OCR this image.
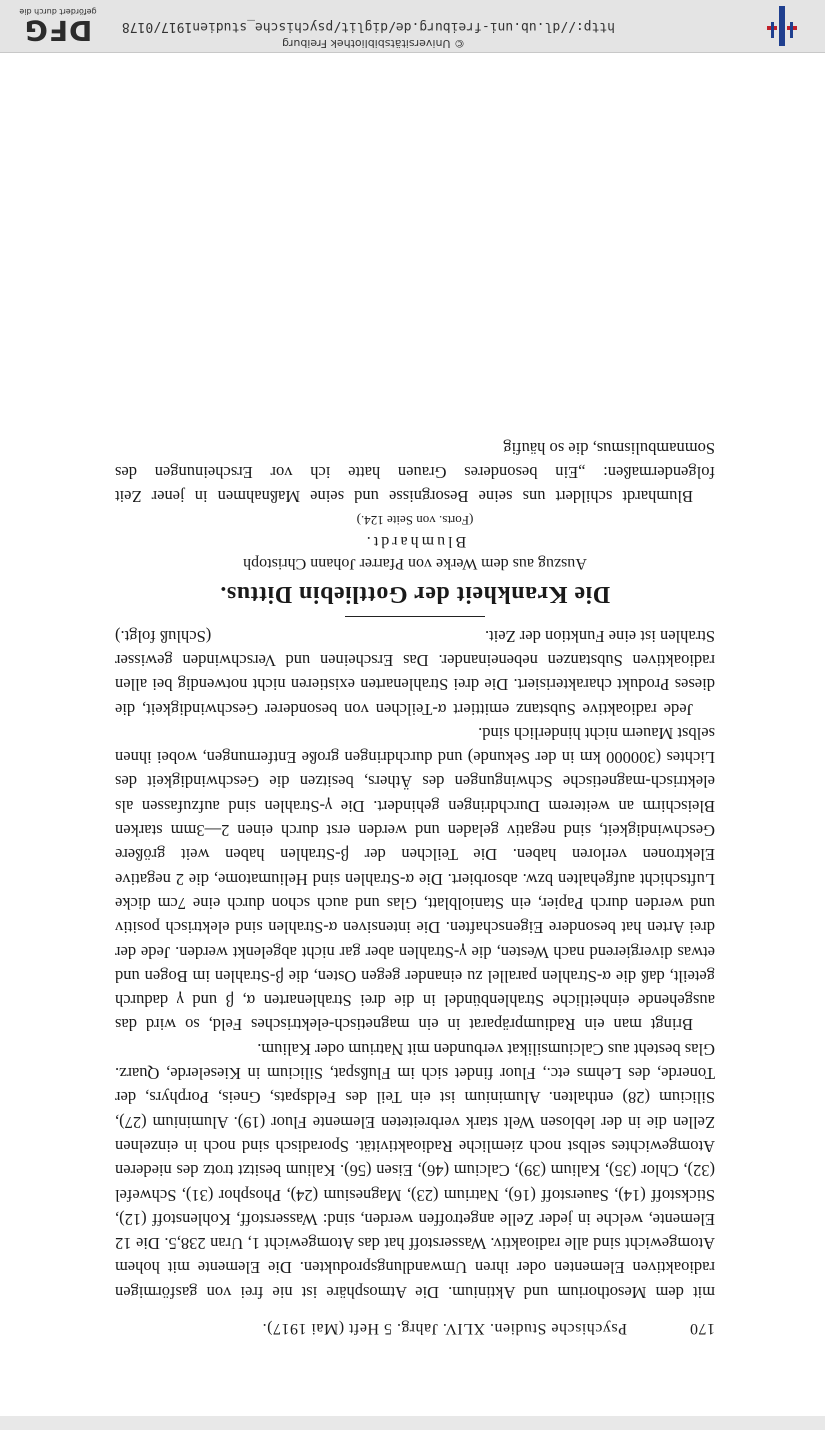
170
Psychische Studien. XLIV. Jahrg. 5 Heft (Mai 1917).

mit dem Mesothorium und Aktinium. Die Atmosphäre ist nie frei von gasförmigen radioaktiven Elementen oder ihren Umwandlungsprodukten. Die Elemente mit hohem Atomgewicht sind alle radioaktiv. Wasserstoff hat das Atomgewicht 1, Uran 238,5. Die 12 Elemente, welche in jeder Zelle angetroffen werden, sind: Wasserstoff, Kohlenstoff (12), Stickstoff (14), Sauerstoff (16), Natrium (23), Magnesium (24), Phosphor (31), Schwefel (32), Chlor (35), Kalium (39), Calcium (46), Eisen (56). Kalium besitzt trotz des niederen Atomgewichtes selbst noch ziemliche Radioaktivität. Sporadisch sind noch in einzelnen Zellen die in der leblosen Welt stark verbreiteten Elemente Fluor (19). Aluminium (27), Silicium (28) enthalten. Aluminium ist ein Teil des Feldspats, Gneis, Porphyrs, der Tonerde, des Lehms etc., Fluor findet sich im Flußspat, Silicium in Kieselerde, Quarz. Glas besteht aus Calciumsilikat verbunden mit Natrium oder Kalium.

Bringt man ein Radiumpräparat in ein magnetisch-elektrisches Feld, so wird das ausgehende einheitliche Strahlenbündel in die drei Strahlenarten α, β und γ dadurch geteilt, daß die α-Strahlen parallel zu einander gegen Osten, die β-Strahlen im Bogen und etwas divergierend nach Westen, die γ-Strahlen aber gar nicht abgelenkt werden. Jede der drei Arten hat besondere Eigenschaften. Die intensiven α-Strahlen sind elektrisch positiv und werden durch Papier, ein Staniolblatt, Glas und auch schon durch eine 7cm dicke Luftschicht aufgehalten bzw. absorbiert. Die α-Strahlen sind Heliumatome, die 2 negative Elektronen verloren haben. Die Teilchen der β-Strahlen haben weit größere Geschwindigkeit, sind negativ geladen und werden erst durch einen 2—3mm starken Bleischirm an weiterem Durchdringen gehindert. Die γ-Strahlen sind aufzufassen als elektrisch-magnetische Schwingungen des Äthers, besitzen die Geschwindigkeit des Lichtes (300000 km in der Sekunde) und durchdringen große Entfernungen, wobei ihnen selbst Mauern nicht hinderlich sind.

Jede radioaktive Substanz emittiert α-Teilchen von besonderer Geschwindigkeit, die dieses Produkt charakterisiert. Die drei Strahlenarten existieren nicht notwendig bei allen radioaktiven Substanzen nebeneinander. Das Erscheinen und Verschwinden gewisser Strahlen ist eine Funktion der Zeit.
(Schluß folgt.)

Die Krankheit der Gottliebin Dittus.
Auszug aus dem Werke von Pfarrer Johann Christoph
Blumhardt.
(Forts. von Seite 124.)

Blumhardt schildert uns seine Besorgnisse und seine Maßnahmen in jener Zeit folgendermaßen: „Ein besonderes Grauen hatte ich vor Erscheinungen des Somnambulismus, die so häufig

© Universitätsbibliothek Freiburg
http://dl.ub.uni-freiburg.de/diglit/psychische_studien1917/0178
DFG
gefördert durch die
